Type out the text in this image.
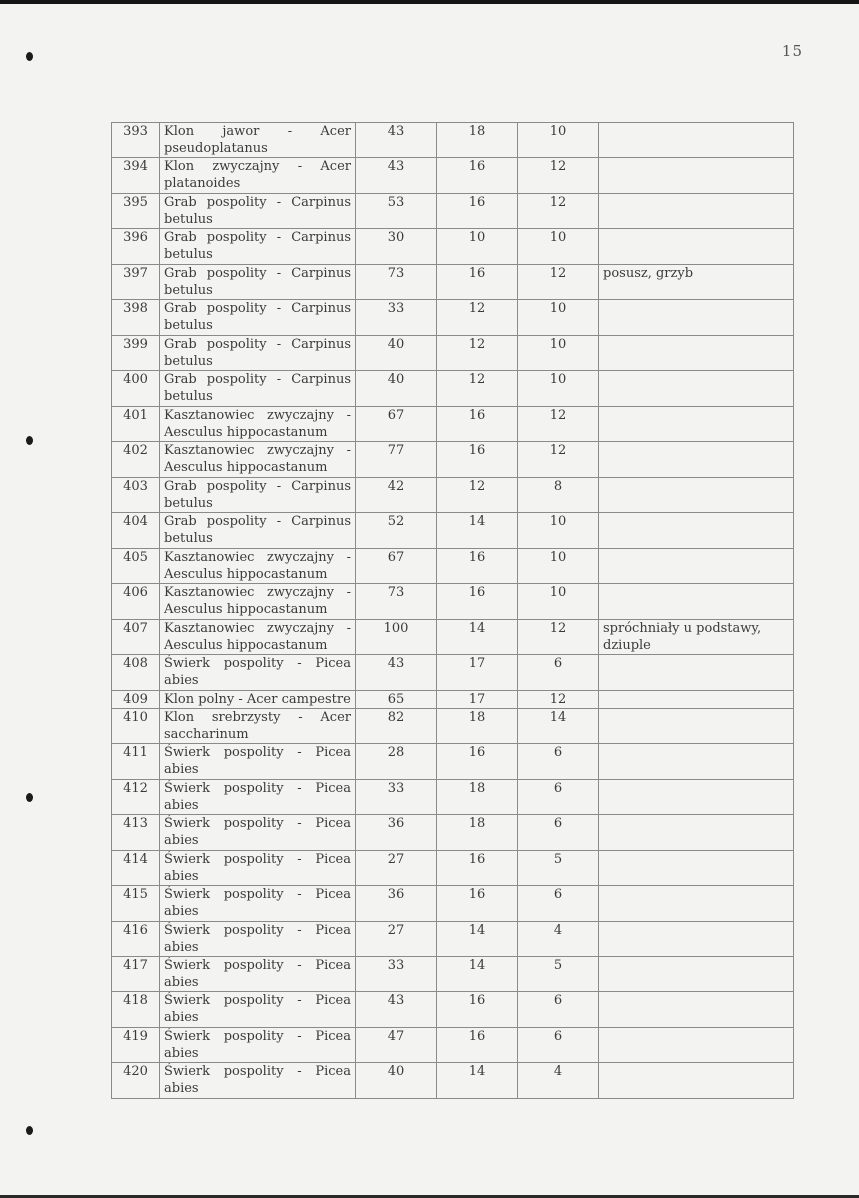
15
393	Klon jawor - Acer pseudoplatanus	43	18	10	
394	Klon zwyczajny - Acer platanoides	43	16	12	
395	Grab pospolity - Carpinus betulus	53	16	12	
396	Grab pospolity - Carpinus betulus	30	10	10	
397	Grab pospolity - Carpinus betulus	73	16	12	posusz, grzyb
398	Grab pospolity - Carpinus betulus	33	12	10	
399	Grab pospolity - Carpinus betulus	40	12	10	
400	Grab pospolity - Carpinus betulus	40	12	10	
401	Kasztanowiec zwyczajny - Aesculus hippocastanum	67	16	12	
402	Kasztanowiec zwyczajny - Aesculus hippocastanum	77	16	12	
403	Grab pospolity - Carpinus betulus	42	12	8	
404	Grab pospolity - Carpinus betulus	52	14	10	
405	Kasztanowiec zwyczajny - Aesculus hippocastanum	67	16	10	
406	Kasztanowiec zwyczajny - Aesculus hippocastanum	73	16	10	
407	Kasztanowiec zwyczajny - Aesculus hippocastanum	100	14	12	spróchniały u podstawy, dziuple
408	Świerk pospolity - Picea abies	43	17	6	
409	Klon polny - Acer campestre	65	17	12	
410	Klon srebrzysty - Acer saccharinum	82	18	14	
411	Świerk pospolity - Picea abies	28	16	6	
412	Świerk pospolity - Picea abies	33	18	6	
413	Świerk pospolity - Picea abies	36	18	6	
414	Świerk pospolity - Picea abies	27	16	5	
415	Świerk pospolity - Picea abies	36	16	6	
416	Świerk pospolity - Picea abies	27	14	4	
417	Świerk pospolity - Picea abies	33	14	5	
418	Świerk pospolity - Picea abies	43	16	6	
419	Świerk pospolity - Picea abies	47	16	6	
420	Świerk pospolity - Picea abies	40	14	4	
